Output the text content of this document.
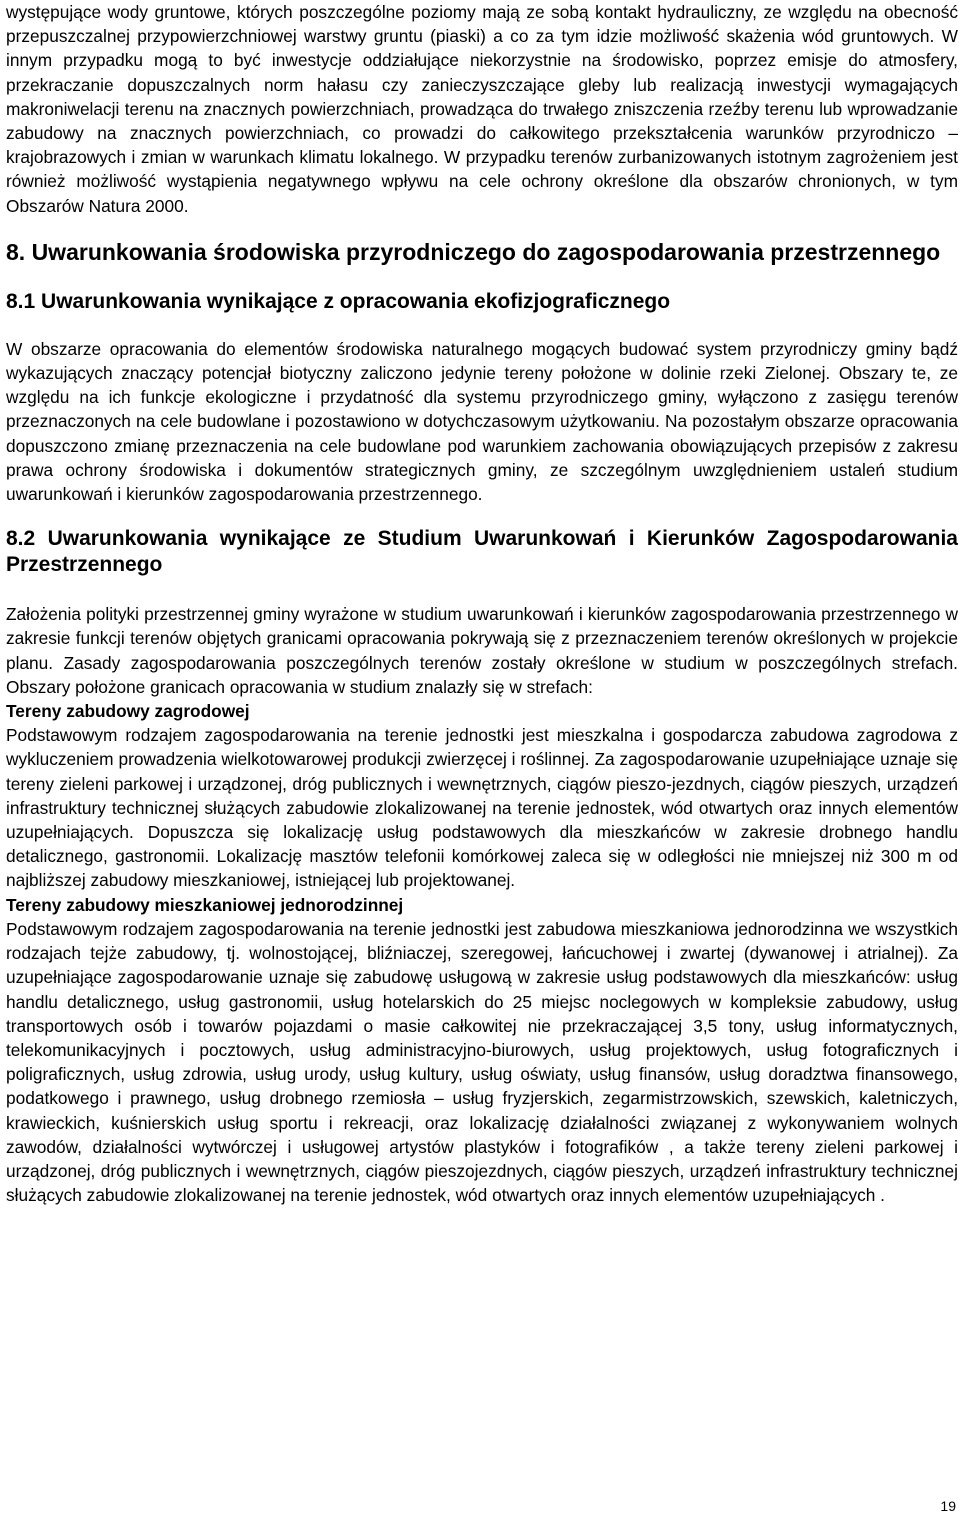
występujące wody gruntowe, których poszczególne poziomy mają ze sobą kontakt hydrauliczny, ze względu na obecność przepuszczalnej przypowierzchniowej warstwy gruntu (piaski) a co za tym idzie możliwość skażenia wód gruntowych. W innym przypadku mogą to być inwestycje oddziałujące niekorzystnie na środowisko, poprzez emisje do atmosfery, przekraczanie dopuszczalnych norm hałasu czy zanieczyszczające gleby lub realizacją inwestycji wymagających makroniwelacji terenu na znacznych powierzchniach, prowadząca do trwałego zniszczenia rzeźby terenu lub wprowadzanie zabudowy na znacznych powierzchniach, co prowadzi do całkowitego przekształcenia warunków przyrodniczo – krajobrazowych i zmian w warunkach klimatu lokalnego. W przypadku terenów zurbanizowanych istotnym zagrożeniem jest również możliwość wystąpienia negatywnego wpływu na cele ochrony określone dla obszarów chronionych, w tym Obszarów Natura 2000.

8. Uwarunkowania środowiska przyrodniczego do zagospodarowania przestrzennego
8.1 Uwarunkowania wynikające z opracowania ekofizjograficznego

W obszarze opracowania do elementów środowiska naturalnego mogących budować system przyrodniczy gminy bądź wykazujących znaczący potencjał biotyczny zaliczono jedynie tereny położone w dolinie rzeki Zielonej. Obszary te, ze względu na ich funkcje ekologiczne i przydatność dla systemu przyrodniczego gminy, wyłączono z zasięgu terenów przeznaczonych na cele budowlane i pozostawiono w dotychczasowym użytkowaniu. Na pozostałym obszarze opracowania dopuszczono zmianę przeznaczenia na cele budowlane pod warunkiem zachowania obowiązujących przepisów z zakresu prawa ochrony środowiska i dokumentów strategicznych gminy, ze szczególnym uwzględnieniem ustaleń studium uwarunkowań i kierunków zagospodarowania przestrzennego.

8.2 Uwarunkowania wynikające ze Studium Uwarunkowań i Kierunków Zagospodarowania Przestrzennego

Założenia polityki przestrzennej gminy wyrażone w studium uwarunkowań i kierunków zagospodarowania przestrzennego w zakresie funkcji terenów objętych granicami opracowania pokrywają się z przeznaczeniem terenów określonych w projekcie planu. Zasady zagospodarowania poszczególnych terenów zostały określone w studium w poszczególnych strefach. Obszary położone granicach opracowania w studium znalazły się w strefach:

Tereny zabudowy zagrodowej

Podstawowym rodzajem zagospodarowania na terenie jednostki jest mieszkalna i gospodarcza zabudowa zagrodowa z wykluczeniem prowadzenia wielkotowarowej produkcji zwierzęcej i roślinnej. Za zagospodarowanie uzupełniające uznaje się tereny zieleni parkowej i urządzonej, dróg publicznych i wewnętrznych, ciągów pieszo-jezdnych, ciągów pieszych, urządzeń infrastruktury technicznej służących zabudowie zlokalizowanej na terenie jednostek, wód otwartych oraz innych elementów uzupełniających. Dopuszcza się lokalizację usług podstawowych dla mieszkańców w zakresie drobnego handlu detalicznego, gastronomii. Lokalizację masztów telefonii komórkowej zaleca się w odległości nie mniejszej niż 300 m od najbliższej zabudowy mieszkaniowej, istniejącej lub projektowanej.

Tereny zabudowy mieszkaniowej jednorodzinnej

Podstawowym rodzajem zagospodarowania na terenie jednostki jest zabudowa mieszkaniowa jednorodzinna we wszystkich rodzajach tejże zabudowy, tj. wolnostojącej, bliźniaczej, szeregowej, łańcuchowej i zwartej (dywanowej i atrialnej). Za uzupełniające zagospodarowanie uznaje się zabudowę usługową w zakresie usług podstawowych dla mieszkańców: usług handlu detalicznego, usług gastronomii, usług hotelarskich do 25 miejsc noclegowych w kompleksie zabudowy, usług transportowych osób i towarów pojazdami o masie całkowitej nie przekraczającej 3,5 tony, usług informatycznych, telekomunikacyjnych i pocztowych, usług administracyjno-biurowych, usług projektowych, usług fotograficznych i poligraficznych, usług zdrowia, usług urody, usług kultury, usług oświaty, usług finansów, usług doradztwa finansowego, podatkowego i prawnego, usług drobnego rzemiosła – usług fryzjerskich, zegarmistrzowskich, szewskich, kaletniczych, krawieckich, kuśnierskich usług sportu i rekreacji, oraz lokalizację działalności związanej z wykonywaniem wolnych zawodów, działalności wytwórczej i usługowej artystów plastyków i fotografików , a także tereny zieleni parkowej i urządzonej, dróg publicznych i wewnętrznych, ciągów pieszojezdnych, ciągów pieszych, urządzeń infrastruktury technicznej służących zabudowie zlokalizowanej na terenie jednostek, wód otwartych oraz innych elementów uzupełniających .

19
